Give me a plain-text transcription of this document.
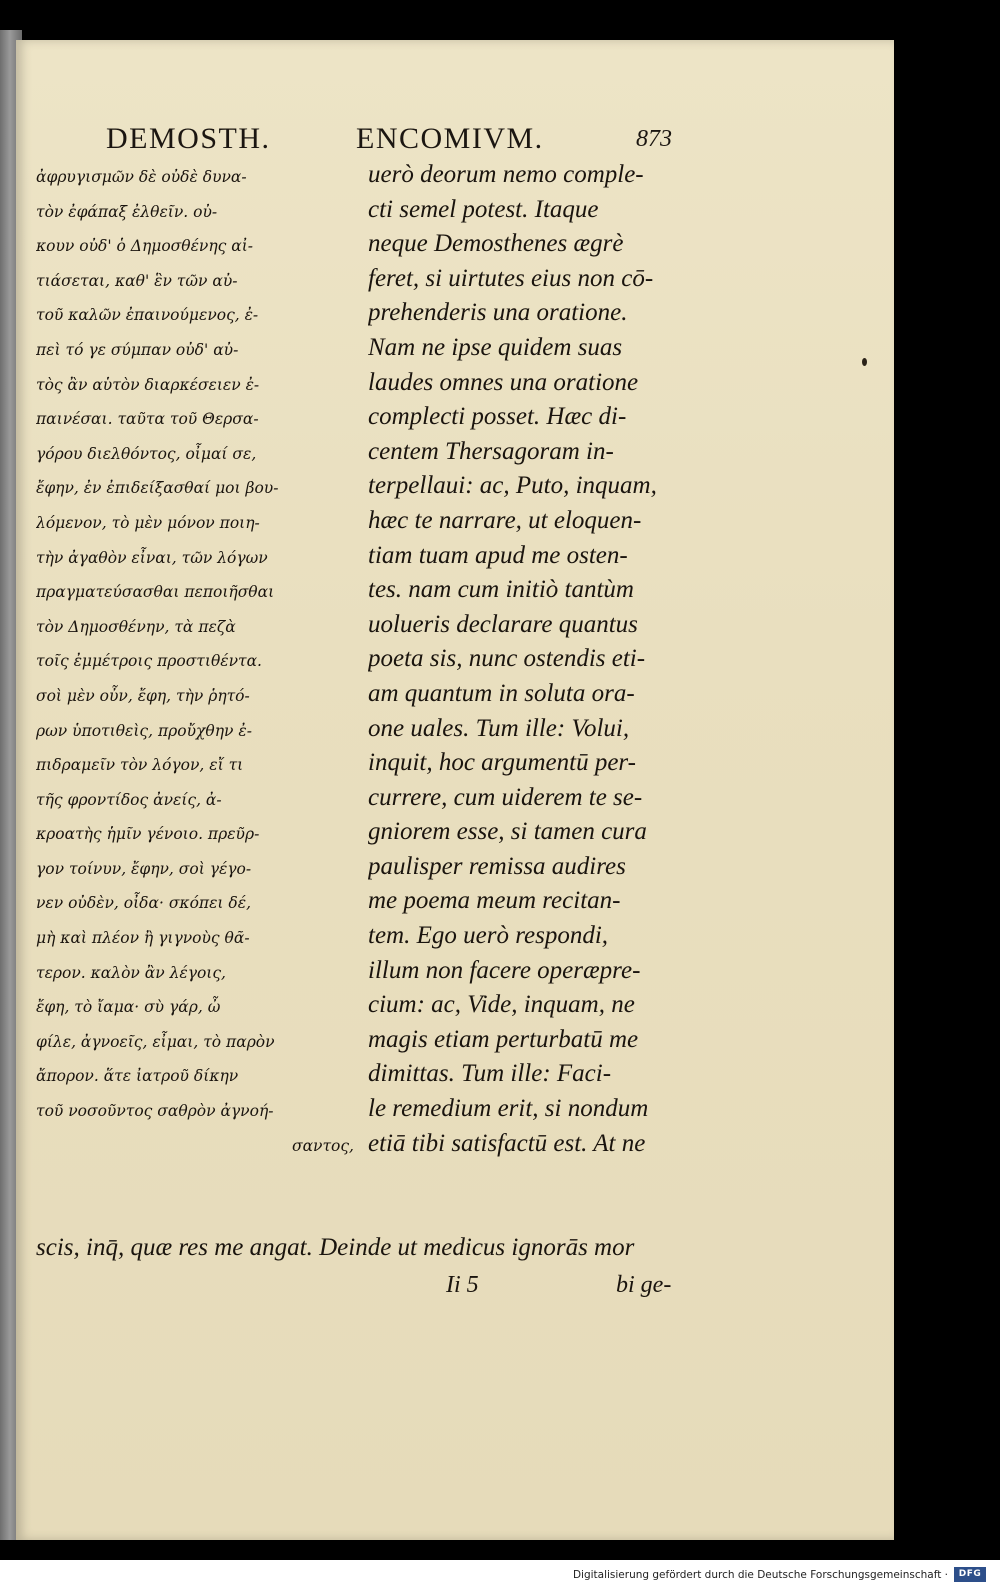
DEMOSTH.	ENCOMIVM.	873
ἀφρυγισμῶν δὲ οὐδὲ δυνα-
τὸν ἐφάπαξ ἐλθεῖν. οὐ-
κουν οὐδ' ὁ Δημοσθένης αἰ-
τιάσεται, καθ' ἓν τῶν αὐ-
τοῦ καλῶν ἐπαινούμενος, ἐ-
πεὶ τό γε σύμπαν οὐδ' αὐ-
τὸς ἂν αὑτὸν διαρκέσειεν ἐ-
παινέσαι. ταῦτα τοῦ Θερσα-
γόρου διελθόντος, οἶμαί σε,
ἔφην, ἐν ἐπιδείξασθαί μοι βου-
λόμενον, τὸ μὲν μόνον ποιη-
τὴν ἀγαθὸν εἶναι, τῶν λόγων
πραγματεύσασθαι πεποιῆσθαι
τὸν Δημοσθένην, τὰ πεζὰ
τοῖς ἐμμέτροις προστιθέντα.
σοὶ μὲν οὖν, ἔφη, τὴν ῥητό-
ρων ὑποτιθεὶς, προὔχθην ἐ-
πιδραμεῖν τὸν λόγον, εἴ τι
τῆς φροντίδος ἀνείς, ἀ-
κροατὴς ἡμῖν γένοιο. πρεῦρ-
γον τοίνυν, ἔφην, σοὶ γέγο-
νεν οὐδὲν, οἶδα· σκόπει δέ,
μὴ καὶ πλέον ἢ γιγνοὺς θᾶ-
τερον. καλὸν ἂν λέγοις,
ἔφη, τὸ ἴαμα· σὺ γάρ, ὦ
φίλε, ἀγνοεῖς, εἶμαι, τὸ παρὸν
ἄπορον. ἅτε ἰατροῦ δίκην
τοῦ νοσοῦντος σαθρὸν ἀγνοή-
σαντος,
uerò deorum nemo comple-
cti semel potest. Itaque
neque Demosthenes ægrè
feret, si uirtutes eius non cō-
prehenderis una oratione.
Nam ne ipse quidem suas
laudes omnes una oratione
complecti posset. Hæc di-
centem Thersagoram in-
terpellaui: ac, Puto, inquam,
hæc te narrare, ut eloquen-
tiam tuam apud me osten-
tes. nam cum initiò tantùm
uolueris declarare quantus
poeta sis, nunc ostendis eti-
am quantum in soluta ora-
one uales. Tum ille: Volui,
inquit, hoc argumentū per-
currere, cum uiderem te se-
gniorem esse, si tamen cura
paulisper remissa audires
me poema meum recitan-
tem. Ego uerò respondi,
illum non facere operæpre-
cium: ac, Vide, inquam, ne
magis etiam perturbatū me
dimittas. Tum ille: Faci-
le remedium erit, si nondum
etiā tibi satisfactū est. At ne
scis, inq̄, quæ res me angat. Deinde ut medicus ignorās mor
Ii 5	bi ge-
Digitalisierung gefördert durch die Deutsche Forschungsgemeinschaft ·	DFG
